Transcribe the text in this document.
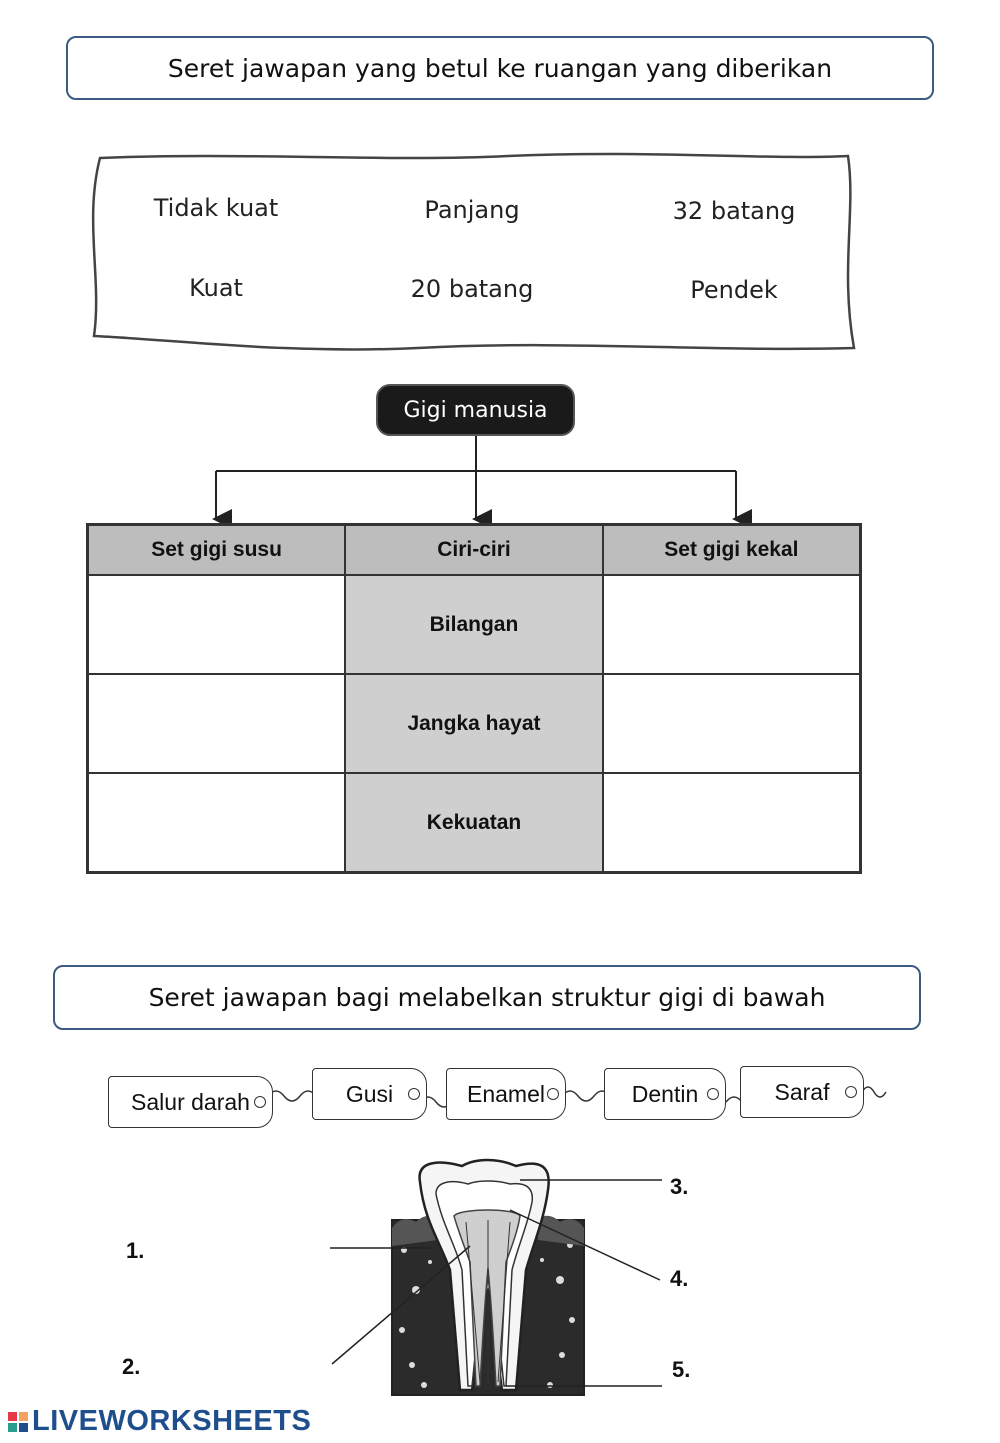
Seret jawapan yang betul ke ruangan yang diberikan
Tidak kuat	Panjang	32 batang
Kuat	20 batang	Pendek
Gigi manusia
Set gigi susu	Ciri-ciri	Set gigi kekal
	Bilangan	
	Jangka hayat	
	Kekuatan	
Seret jawapan bagi melabelkan struktur gigi di bawah
Salur darah	Gusi	Enamel	Dentin	Saraf
1.
2.
3.
4.
5.
LIVEWORKSHEETS
